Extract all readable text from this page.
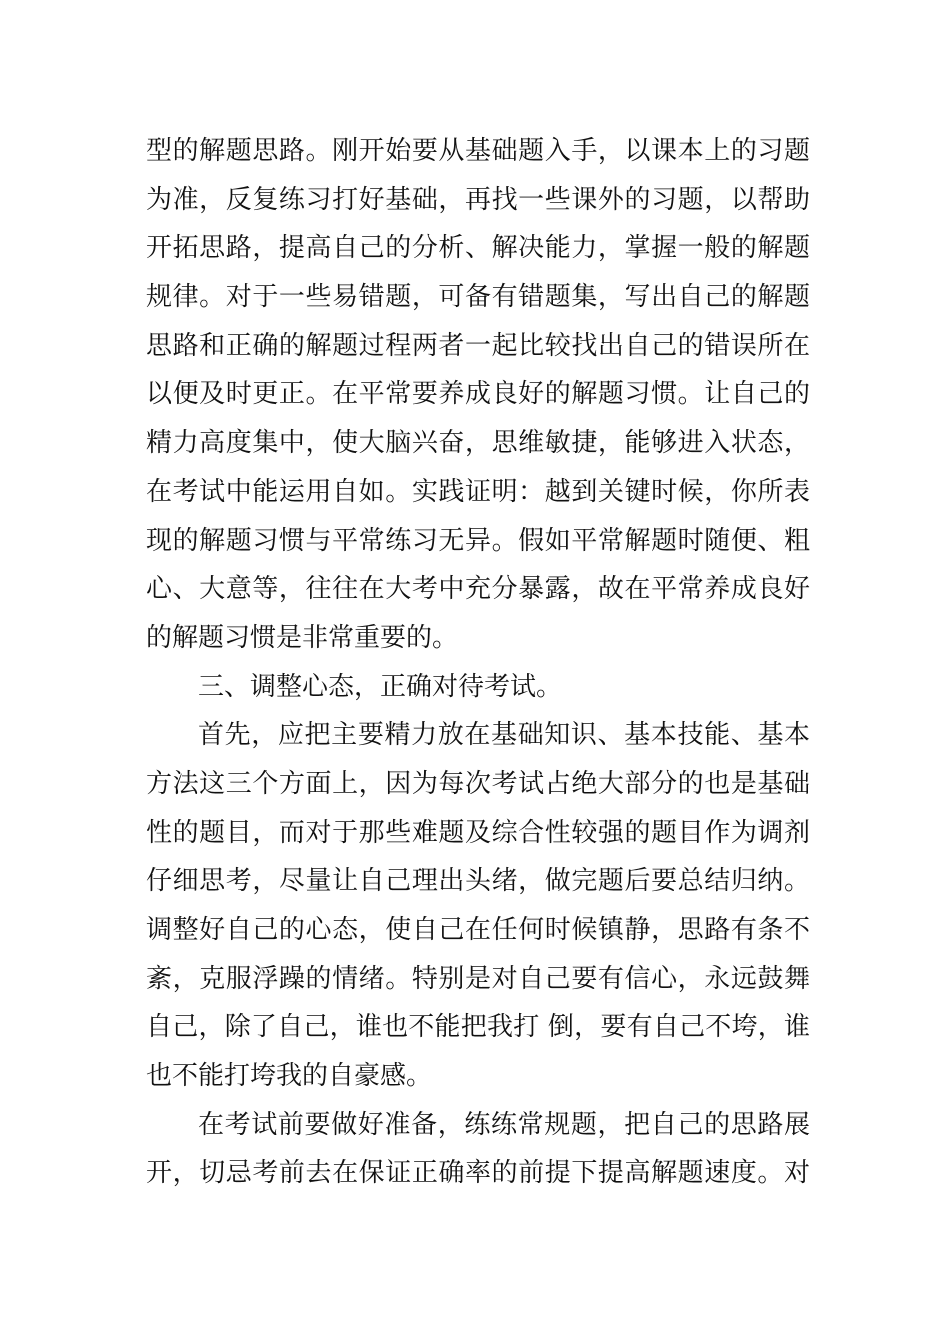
型的解题思路。刚开始要从基础题入手，以课本上的习题
为准，反复练习打好基础，再找一些课外的习题，以帮助
开拓思路，提高自己的分析、解决能力，掌握一般的解题
规律。对于一些易错题，可备有错题集，写出自己的解题
思路和正确的解题过程两者一起比较找出自己的错误所在
以便及时更正。在平常要养成良好的解题习惯。让自己的
精力高度集中，使大脑兴奋，思维敏捷，能够进入状态，
在考试中能运用自如。实践证明：越到关键时候，你所表
现的解题习惯与平常练习无异。假如平常解题时随便、粗
心、大意等，往往在大考中充分暴露，故在平常养成良好
的解题习惯是非常重要的。
三、调整心态，正确对待考试。
首先，应把主要精力放在基础知识、基本技能、基本
方法这三个方面上，因为每次考试占绝大部分的也是基础
性的题目，而对于那些难题及综合性较强的题目作为调剂
仔细思考，尽量让自己理出头绪，做完题后要总结归纳。
调整好自己的心态，使自己在任何时候镇静，思路有条不
紊，克服浮躁的情绪。特别是对自己要有信心，永远鼓舞
自己，除了自己，谁也不能把我打 倒，要有自己不垮，谁
也不能打垮我的自豪感。
在考试前要做好准备，练练常规题，把自己的思路展
开，切忌考前去在保证正确率的前提下提高解题速度。对
